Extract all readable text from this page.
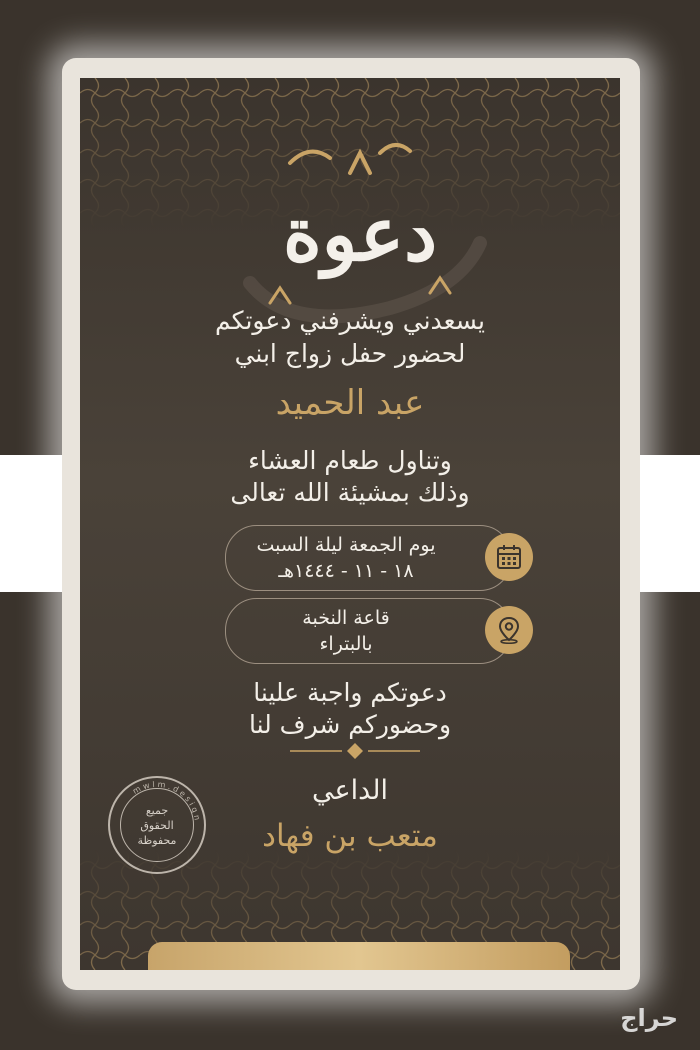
دعوة
يسعدني ويشرفني دعوتكم
لحضور حفل زواج ابني
عبد الحميد
وتناول طعام العشاء
وذلك بمشيئة الله تعالى
يوم الجمعة ليلة السبت
١٨ - ١١ - ١٤٤٤هـ
قاعة النخبة
بالبتراء
دعوتكم واجبة علينا
وحضوركم شرف لنا
الداعي
متعب بن فهاد
m w l m . d e s i g n
جميع
الحقوق
محفوظة
حراج
